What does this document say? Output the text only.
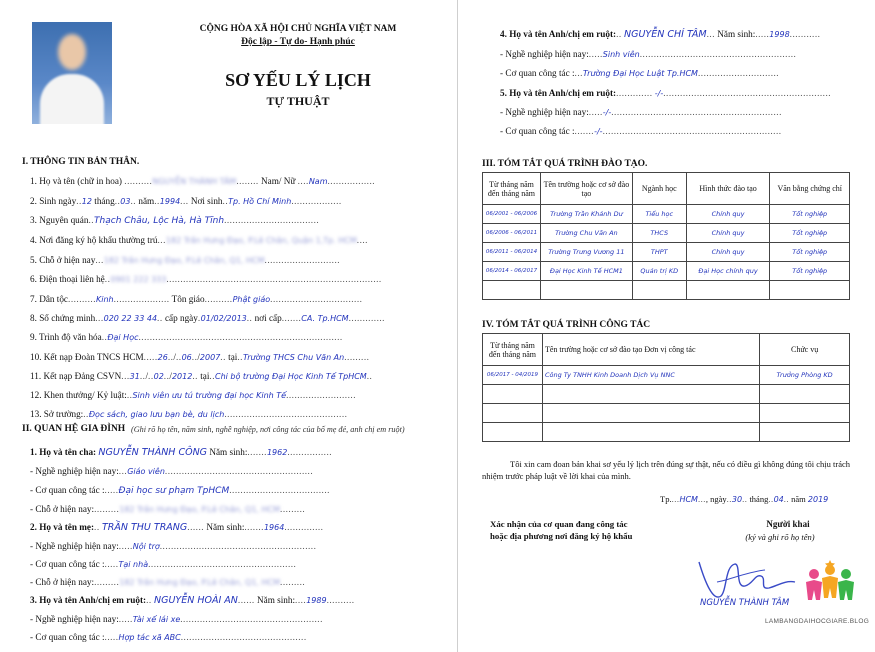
CỘNG HÒA XÃ HỘI CHỦ NGHĨA VIỆT NAM
Độc lập - Tự do- Hạnh phúc
SƠ YẾU LÝ LỊCH
TỰ THUẬT
I. THÔNG TIN BẢN THÂN.
1. Họ và tên (chữ in hoa) ..........NGUYỄN THÀNH TÂM........ Nam/ Nữ ....Nam.................
2. Sinh ngày..12 tháng..03.. năm..1994... Nơi sinh..Tp. Hồ Chí Minh..................
3. Nguyên quán..Thạch Châu, Lộc Hà, Hà Tĩnh..................................
4. Nơi đăng ký hộ khẩu thường trú...182 Trần Hưng Đạo, P.Lê Chân, Quận 1,Tp. HCM....
5. Chỗ ở hiện nay...182 Trần Hưng Đạo, P.Lê Chân, Q1, HCM...........................
6. Điện thoại liên hệ..0901 222 333.............................................................................
7. Dân tộc..........Kinh.................... Tôn giáo..........Phật giáo.................................
8. Số chứng minh...020 22 33 44.. cấp ngày.01/02/2013.. nơi cấp.......CA. Tp.HCM.............
9. Trình độ văn hóa..Đại Học.........................................................................
10. Kết nạp Đoàn TNCS HCM.....26../..06../2007.. tại..Trường THCS Chu Văn An.........
11. Kết nạp Đảng CSVN...31../..02../2012.. tại..Chi bộ trường Đại Học Kinh Tế TpHCM..
12. Khen thưởng/ Kỷ luật:..Sinh viên ưu tú trường đại học Kinh Tế.........................
13. Sở trường:..Đọc sách, giao lưu bạn bè, du lịch............................................
II. QUAN HỆ GIA ĐÌNH (Ghi rõ họ tên, năm sinh, nghề nghiệp, nơi công tác của bố mẹ đẻ, anh chị em ruột)
1. Họ và tên cha: NGUYỄN THÀNH CÔNG Năm sinh:.......1962................
- Nghề nghiệp hiện nay:...Giáo viên.....................................................
- Cơ quan công tác :.....Đại học sư phạm TpHCM....................................
- Chỗ ở hiện nay:.........182 Trần Hưng Đạo, P.Lê Chân, Q1, HCM.........
2. Họ và tên mẹ:.. TRẦN THU TRANG...... Năm sinh:.......1964..............
- Nghề nghiệp hiện nay:.....Nội trợ........................................................
- Cơ quan công tác :.....Tại nhà.....................................................
- Chỗ ở hiện nay:.........182 Trần Hưng Đạo, P.Lê Chân, Q1, HCM.........
3. Họ và tên Anh/chị em ruột:.. NGUYỄN HOÀI AN...... Năm sinh:....1989..........
- Nghề nghiệp hiện nay:.....Tài xế lái xe...................................................
- Cơ quan công tác :.....Hợp tác xã ABC.............................................
4. Họ và tên Anh/chị em ruột:.. NGUYỄN CHÍ TÂM... Năm sinh:.....1998...........
- Nghề nghiệp hiện nay:.....Sinh viên........................................................
- Cơ quan công tác :...Trường Đại Học Luật Tp.HCM.............................
5. Họ và tên Anh/chị em ruột:............. -/-............................................................
- Nghề nghiệp hiện nay:.....-/-.............................................................
- Cơ quan công tác :.......-/-................................................................
III. TÓM TẮT QUÁ TRÌNH ĐÀO TẠO.
Từ tháng năm đến tháng năm	Tên trường hoặc cơ sở đào tạo	Ngành học	Hình thức đào tạo	Văn bằng chứng chỉ
06/2001 - 06/2006	Trường Trần Khánh Dư	Tiểu học	Chính quy	Tốt nghiệp
06/2006 - 06/2011	Trường Chu Văn An	THCS	Chính quy	Tốt nghiệp
06/2011 - 06/2014	Trường Trưng Vương 11	THPT	Chính quy	Tốt nghiệp
06/2014 - 06/2017	Đại Học Kinh Tế HCM1	Quản trị KD	Đại Học chính quy	Tốt nghiệp

IV. TÓM TẮT QUÁ TRÌNH CÔNG TÁC
Từ tháng năm đến tháng năm	Tên trường hoặc cơ sở đào tạo Đơn vị công tác	Chức vụ
06/2017 - 04/2019	Công Ty TNHH Kinh Doanh Dịch Vụ NNC	Trưởng Phòng KD

Tôi xin cam đoan bản khai sơ yếu lý lịch trên đúng sự thật, nếu có điều gì không đúng tôi chịu trách nhiệm trước pháp luật về lời khai của mình.
Tp....HCM..., ngày..30.. tháng..04.. năm 2019
Xác nhận của cơ quan đang công tác
hoặc địa phương nơi đăng ký hộ khẩu
Người khai
(ký và ghi rõ họ tên)
NGUYỄN THÀNH TÂM
LAMBANGDAIHOCGIARE.BLOG
